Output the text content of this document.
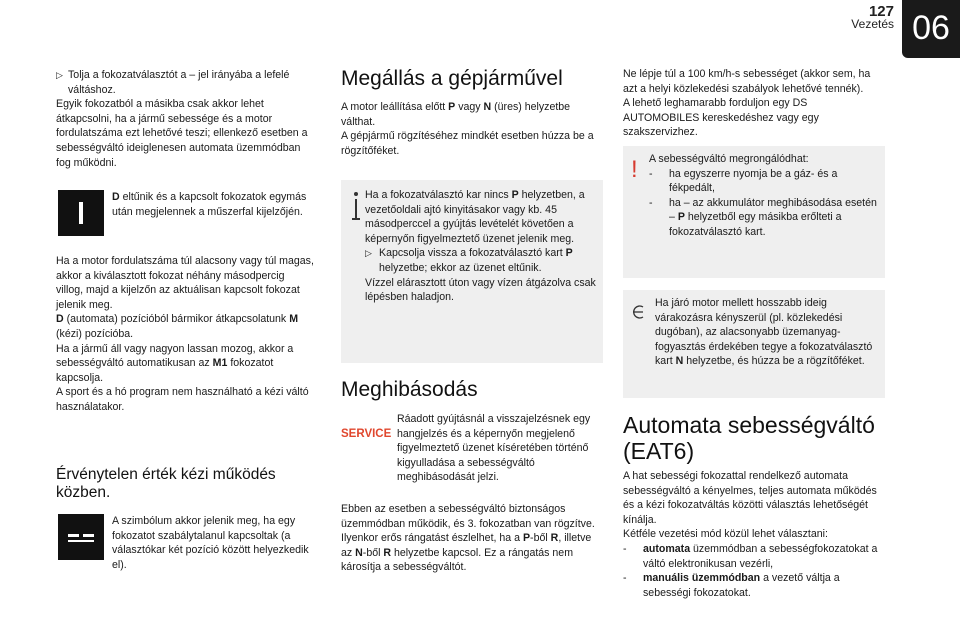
127
Vezetés 06

▷ Tolja a fokozatválasztót a – jel irányába a lefelé váltáshoz.

Egyik fokozatból a másikba csak akkor lehet átkapcsolni, ha a jármű sebessége és a motor fordulatszáma ezt lehetővé teszi; ellenkező esetben a sebességváltó ideiglenesen automata üzemmódban fog működni.

D eltűnik és a kapcsolt fokozatok egymás után megjelennek a műszerfal kijelzőjén.

Ha a motor fordulatszáma túl alacsony vagy túl magas, akkor a kiválasztott fokozat néhány másodpercig villog, majd a kijelzőn az aktuálisan kapcsolt fokozat jelenik meg.

D (automata) pozícióból bármikor átkapcsolatunk M (kézi) pozícióba.

Ha a jármű áll vagy nagyon lassan mozog, akkor a sebességváltó automatikusan az M1 fokozatot kapcsolja.

A sport és a hó program nem használható a kézi váltó használatakor.

Érvénytelen érték kézi működés közben.

A szimbólum akkor jelenik meg, ha egy fokozatot szabálytalanul kapcsoltak (a választókar két pozíció között helyezkedik el).

Megállás a gépjárművel

A motor leállítása előtt P vagy N (üres) helyzetbe válthat.

A gépjármű rögzítéséhez mindkét esetben húzza be a rögzítőféket.

Ha a fokozatválasztó kar nincs P helyzetben, a vezetőoldali ajtó kinyitásakor vagy kb. 45 másodperccel a gyújtás levételét követően a képernyőn figyelmeztető üzenet jelenik meg.

▷ Kapcsolja vissza a fokozatválasztó kart P helyzetbe; ekkor az üzenet eltűnik.

Vízzel elárasztott úton vagy vízen átgázolva csak lépésben haladjon.

Meghibásodás

SERVICE

Ráadott gyújtásnál a visszajelzésnek egy hangjelzés és a képernyőn megjelenő figyelmeztető üzenet kíséretében történő kigyulladása a sebességváltó meghibásodását jelzi.

Ebben az esetben a sebességváltó biztonságos üzemmódban működik, és 3. fokozatban van rögzítve. Ilyenkor erős rángatást észlelhet, ha a P-ből R, illetve az N-ből R helyzetbe kapcsol. Ez a rángatás nem károsítja a sebességváltót.

Ne lépje túl a 100 km/h-s sebességet (akkor sem, ha azt a helyi közlekedési szabályok lehetővé tennék).

A lehető leghamarabb forduljon egy DS AUTOMOBILES kereskedéshez vagy egy szakszervizhez.

! A sebességváltó megrongálódhat:

- ha egyszerre nyomja be a gáz- és a fékpedált,

- ha – az akkumulátor meghibásodása esetén – P helyzetből egy másikba erőlteti a fokozatválasztó kart.

Ha járó motor mellett hosszabb ideig várakozásra kényszerül (pl. közlekedési dugóban), az alacsonyabb üzemanyag-fogyasztás érdekében tegye a fokozatválasztó kart N helyzetbe, és húzza be a rögzítőféket.

Automata sebességváltó (EAT6)

A hat sebességi fokozattal rendelkező automata sebességváltó a kényelmes, teljes automata működés és a kézi fokozatváltás közötti választás lehetőségét kínálja.

Kétféle vezetési mód közül lehet választani:

- automata üzemmódban a sebességfokozatokat a váltó elektronikusan vezérli,

- manuális üzemmódban a vezető váltja a sebességi fokozatokat.
